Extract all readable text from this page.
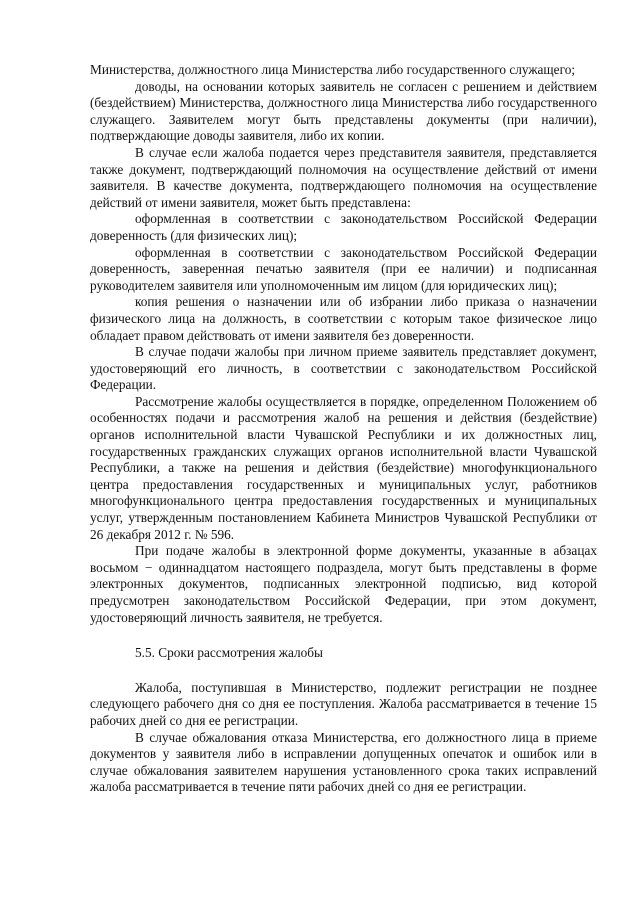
Министерства, должностного лица Министерства либо государственного служащего;

доводы, на основании которых заявитель не согласен с решением и действием (бездействием) Министерства, должностного лица Министерства либо государственного служащего. Заявителем могут быть представлены документы (при наличии), подтверждающие доводы заявителя, либо их копии.

В случае если жалоба подается через представителя заявителя, представляется также документ, подтверждающий полномочия на осуществление действий от имени заявителя. В качестве документа, подтверждающего полномочия на осуществление действий от имени заявителя, может быть представлена:

оформленная в соответствии с законодательством Российской Федерации доверенность (для физических лиц);

оформленная в соответствии с законодательством Российской Федерации доверенность, заверенная печатью заявителя (при ее наличии) и подписанная руководителем заявителя или уполномоченным им лицом (для юридических лиц);

копия решения о назначении или об избрании либо приказа о назначении физического лица на должность, в соответствии с которым такое физическое лицо обладает правом действовать от имени заявителя без доверенности.

В случае подачи жалобы при личном приеме заявитель представляет документ, удостоверяющий его личность, в соответствии с законодательством Российской Федерации.

Рассмотрение жалобы осуществляется в порядке, определенном Положением об особенностях подачи и рассмотрения жалоб на решения и действия (бездействие) органов исполнительной власти Чувашской Республики и их должностных лиц, государственных гражданских служащих органов исполнительной власти Чувашской Республики, а также на решения и действия (бездействие) многофункционального центра предоставления государственных и муниципальных услуг, работников многофункционального центра предоставления государственных и муниципальных услуг, утвержденным постановлением Кабинета Министров Чувашской Республики от 26 декабря 2012 г. № 596.

При подаче жалобы в электронной форме документы, указанные в абзацах восьмом − одиннадцатом настоящего подраздела, могут быть представлены в форме электронных документов, подписанных электронной подписью, вид которой предусмотрен законодательством Российской Федерации, при этом документ, удостоверяющий личность заявителя, не требуется.

5.5. Сроки рассмотрения жалобы

Жалоба, поступившая в Министерство, подлежит регистрации не позднее следующего рабочего дня со дня ее поступления. Жалоба рассматривается в течение 15 рабочих дней со дня ее регистрации.

В случае обжалования отказа Министерства, его должностного лица в приеме документов у заявителя либо в исправлении допущенных опечаток и ошибок или в случае обжалования заявителем нарушения установленного срока таких исправлений жалоба рассматривается в течение пяти рабочих дней со дня ее регистрации.
